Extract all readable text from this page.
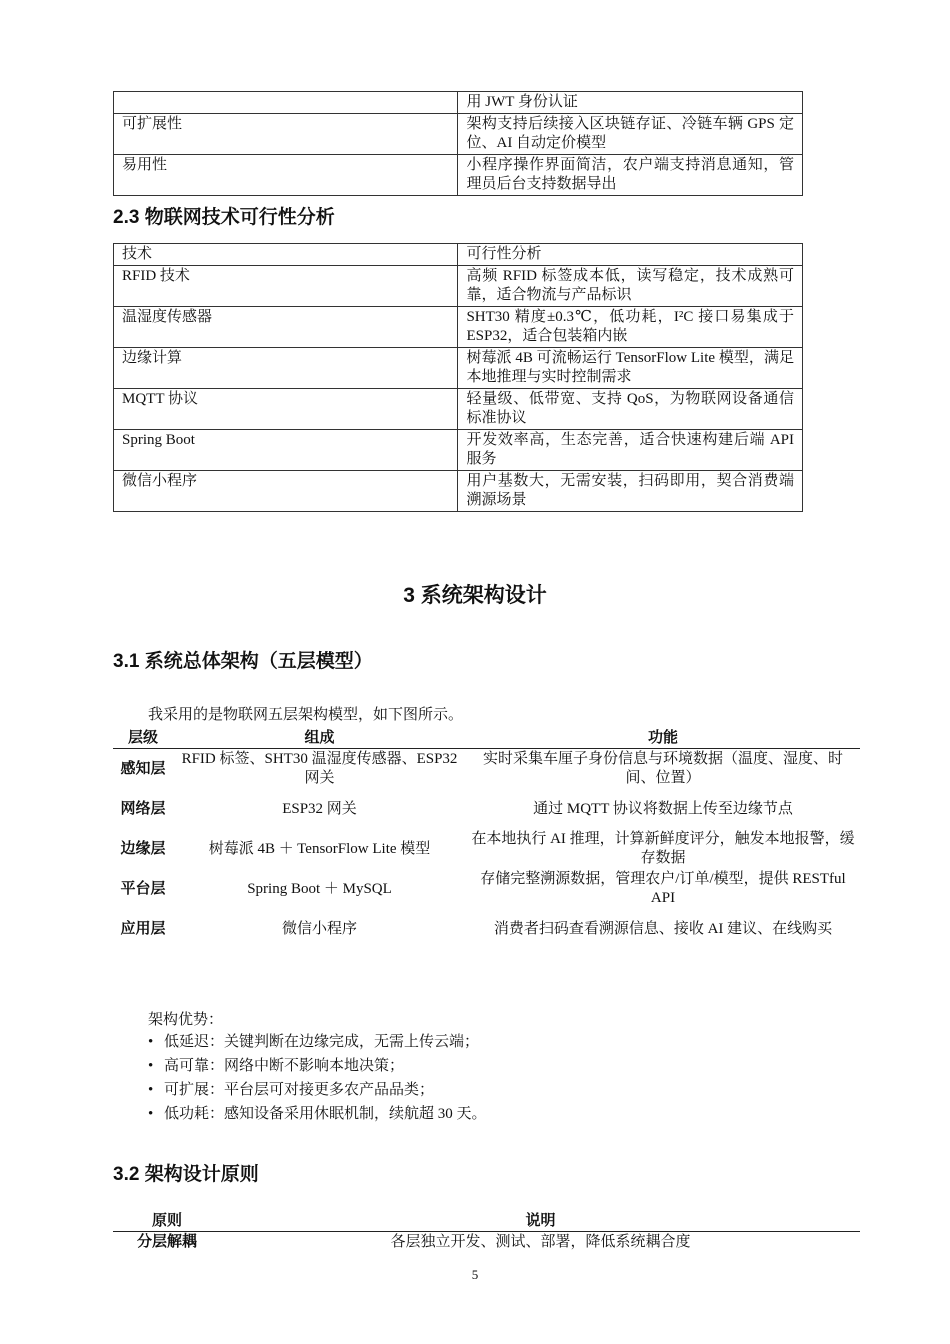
	用 JWT 身份认证
可扩展性	架构支持后续接入区块链存证、冷链车辆 GPS 定位、AI 自动定价模型
易用性	小程序操作界面简洁，农户端支持消息通知，管理员后台支持数据导出
2.3 物联网技术可行性分析
技术	可行性分析
RFID 技术	高频 RFID 标签成本低，读写稳定，技术成熟可靠，适合物流与产品标识
温湿度传感器	SHT30 精度±0.3℃，低功耗，I²C 接口易集成于 ESP32，适合包装箱内嵌
边缘计算	树莓派 4B 可流畅运行 TensorFlow Lite 模型，满足本地推理与实时控制需求
MQTT 协议	轻量级、低带宽、支持 QoS，为物联网设备通信标准协议
Spring Boot	开发效率高，生态完善，适合快速构建后端 API 服务
微信小程序	用户基数大，无需安装，扫码即用，契合消费端溯源场景
3 系统架构设计
3.1 系统总体架构（五层模型）

我采用的是物联网五层架构模型，如下图所示。

层级	组成	功能
感知层	RFID 标签、SHT30 温湿度传感器、ESP32 网关	实时采集车厘子身份信息与环境数据（温度、湿度、时间、位置）
网络层	ESP32 网关	通过 MQTT 协议将数据上传至边缘节点
边缘层	树莓派 4B ＋ TensorFlow Lite 模型	在本地执行 AI 推理，计算新鲜度评分，触发本地报警，缓存数据
平台层	Spring Boot ＋ MySQL	存储完整溯源数据，管理农户/订单/模型，提供 RESTful API
应用层	微信小程序	消费者扫码查看溯源信息、接收 AI 建议、在线购买

架构优势：

• 低延迟：关键判断在边缘完成，无需上传云端；
• 高可靠：网络中断不影响本地决策；
• 可扩展：平台层可对接更多农产品品类；
• 低功耗：感知设备采用休眠机制，续航超 30 天。
3.2 架构设计原则
原则	说明
分层解耦	各层独立开发、测试、部署，降低系统耦合度
5
